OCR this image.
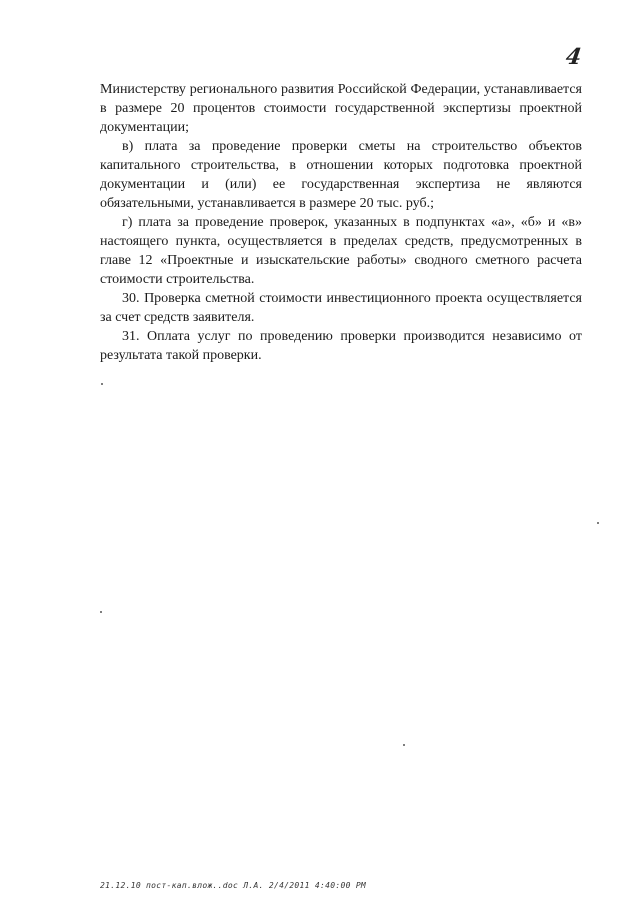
4

Министерству регионального развития Российской Федерации, устанавливается в размере 20 процентов стоимости государственной экспертизы проектной документации;

в) плата за проведение проверки сметы на строительство объектов капитального строительства, в отношении которых подготовка проектной документации и (или) ее государственная экспертиза не являются обязательными, устанавливается в размере 20 тыс. руб.;

г) плата за проведение проверок, указанных в подпунктах «а», «б» и «в» настоящего пункта, осуществляется в пределах средств, предусмотренных в главе 12 «Проектные и изыскательские работы» сводного сметного расчета стоимости строительства.

30. Проверка сметной стоимости инвестиционного проекта осуществляется за счет средств заявителя.

31. Оплата услуг по проведению проверки производится независимо от результата такой проверки.

21.12.10 пост-кап.влож..doc Л.А. 2/4/2011 4:40:00 PM
